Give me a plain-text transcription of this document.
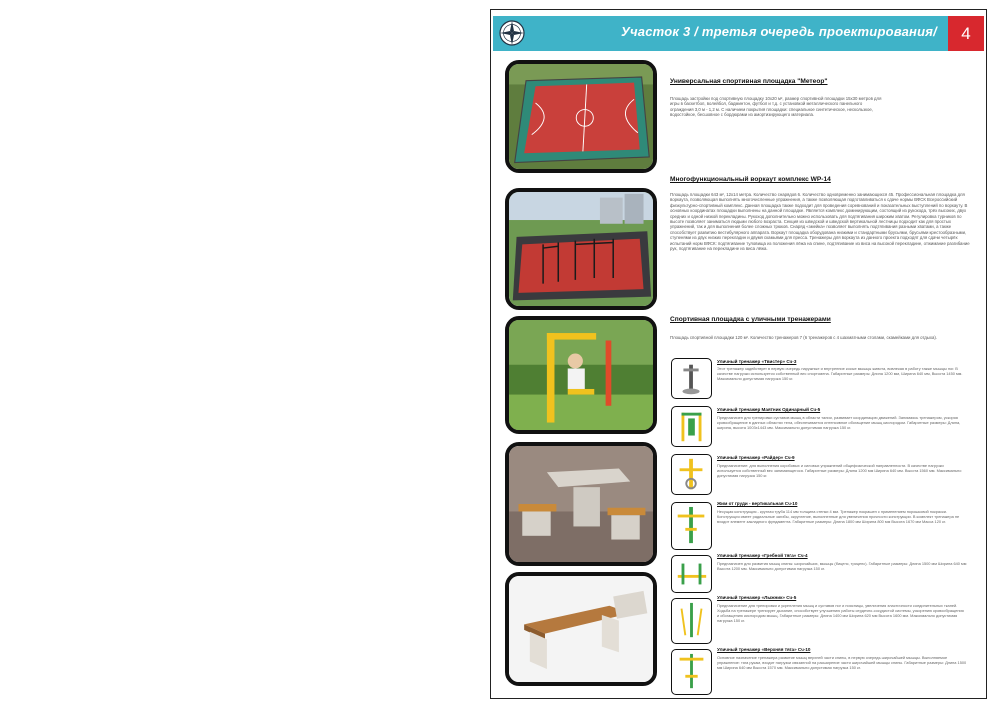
Участок 3 / третья очередь проектирования/	4
Универсальная спортивная площадка "Метеор"
Площадь застройки под спортивную площадку 10х20 м², размер спортивной площадки 15х30 метров для игры в баскетбол, волейбол, бадминтон, футбол и т.д. с установкой металлического панельного ограждения 3,0 м - 1,2 м. С наличием покрытия площадки: специальное синтетическое, нескользкое, водостойкое, бесшовное с бордюрами из амортизирующего материала.
Многофункциональный воркаут комплекс WP-14
Площадь площадки 643 м², 12х14 метра. Количество снарядов 6. Количество одновременно занимающихся 45. Профессиональная площадка для воркаута, позволяющая выполнять многочисленные упражнения, а также позволяющая подготавливаться к сдаче нормы ВФСК Всероссийский физкультурно-спортивный комплекс. Данная площадка также подходит для проведения соревнований и показательных выступлений по воркауту. В основных координатах площадки выполнены на данной площадке. Является комплекс доминирующим, состоящий из рукохода, трёх высоких, двух средних и одной низкой перекладины. Рукоход дополнительно можно использовать для подтягивания широким хватом. Регулировка турников по высоте позволяет заниматься людьми любого возраста. Секция из шведской и шведской вертикальной лестницы подходит как для простых упражнений, так и для выполнения более сложных трюков. Снаряд «змейка» позволяет выполнять подтягивания разными хватами, а также способствует развитию вестибулярного аппарата. Воркаут площадка оборудована низкими и стандартными брусьями, брусьями крестообразными, ступенями из двух низких перекладин и двумя скамьями для пресса. Тренажеры для воркаута из данного проекта подходят для сдачи четырёх испытаний норм ВФСК: подтягивание туловища из положения лёжа на спине, подтягивание из виса на высокой перекладине, отжимание разгибание рук, подтягивание на перекладине из виса лёжа.
Спортивная площадка с уличными тренажерами
Площадь спортивной площадки 120 м². Количество тренажеров 7 (6 тренажеров с 4 шахматными столами, скамейками для отдыха).
Уличный тренажер «Твистер» Сч-3
Этот тренажер задействует в первую очередь наружные и внутренние косые мышцы живота, вовлекая в работу также мышцы ног. В качестве нагрузки используется собственный вес спортсмена. Габаритные размеры: Длина 1200 мм, Ширина 640 мм, Высота 1450 мм. Максимально допустимая нагрузка 150 кг.
Уличный тренажер Маятник Одинарный Сч-5
Предназначен для тренировки суставов мышц в области талии, развивает координацию движений. Занимаясь тренажером, ускоряя кровообращение в данных областях тела, обеспечивается интенсивное обогащение мышц кислородом. Габаритные размеры: Длина, ширина, высота 1003х1443 мм. Максимально допустимая нагрузка 150 кг.
Уличный тренажер «Райдер» Сч-9
Предназначение: для выполнения коробовых и силовых упражнений общефизической направленности. В качестве нагрузки используется собственный вес занимающегося. Габаритные размеры: Длина 1200 мм Ширина 640 мм. Высота 1560 мм. Максимально допустимая нагрузка 150 кг.
Жим от груди - вертикальная Сч-10
Несущая конструкция - круглая труба 114 мм толщина стенки 4 мм. Тренажер покрашен с применением порошковой покраски. Конструкция имеет радиальные загибы, округление, выполненные для увеличения прочности конструкции. В комплект тренажера не входит элемент закладного фундамента. Габаритные размеры: Длина 1800 мм Ширина 800 мм Высота 1670 мм Масса 120 кг.
Уличный тренажер «Гребной тяга» Сч-4
Предназначен для развития мышц спины: широчайших, мышцы (бицепс, трицепс). Габаритные размеры: Длина 1500 мм Ширина 640 мм Высота 1200 мм. Максимально допустимая нагрузка 150 кг.
Уличный тренажер «Лыжник» Сч-5
Предназначение для тренировки и укрепления мышц и суставов ног и поясницы, увеличения эластичности соединительных тканей. Ходьба на тренажере тренирует дыхание, способствует улучшению работы сердечно-сосудистой системы, ускорению кровообращения и обогащению кислородом мышц. Габаритные размеры: Длина 1400 мм Ширина 620 мм Высота 1600 мм. Максимально допустимая нагрузка 150 кг.
Уличный тренажер «Верхняя тяга» Сч-10
Основное назначение тренажера развитие мышц верхней части спины, в первую очередь широчайшей мышцы. Выполняемое упражнение: тяга рукам, входит нагрузки связанной на расширение части широчайшей мышцы спины. Габаритные размеры: Длина 1500 мм Ширина 640 мм Высота 1570 мм. Максимально допустимая нагрузка 150 кг.
